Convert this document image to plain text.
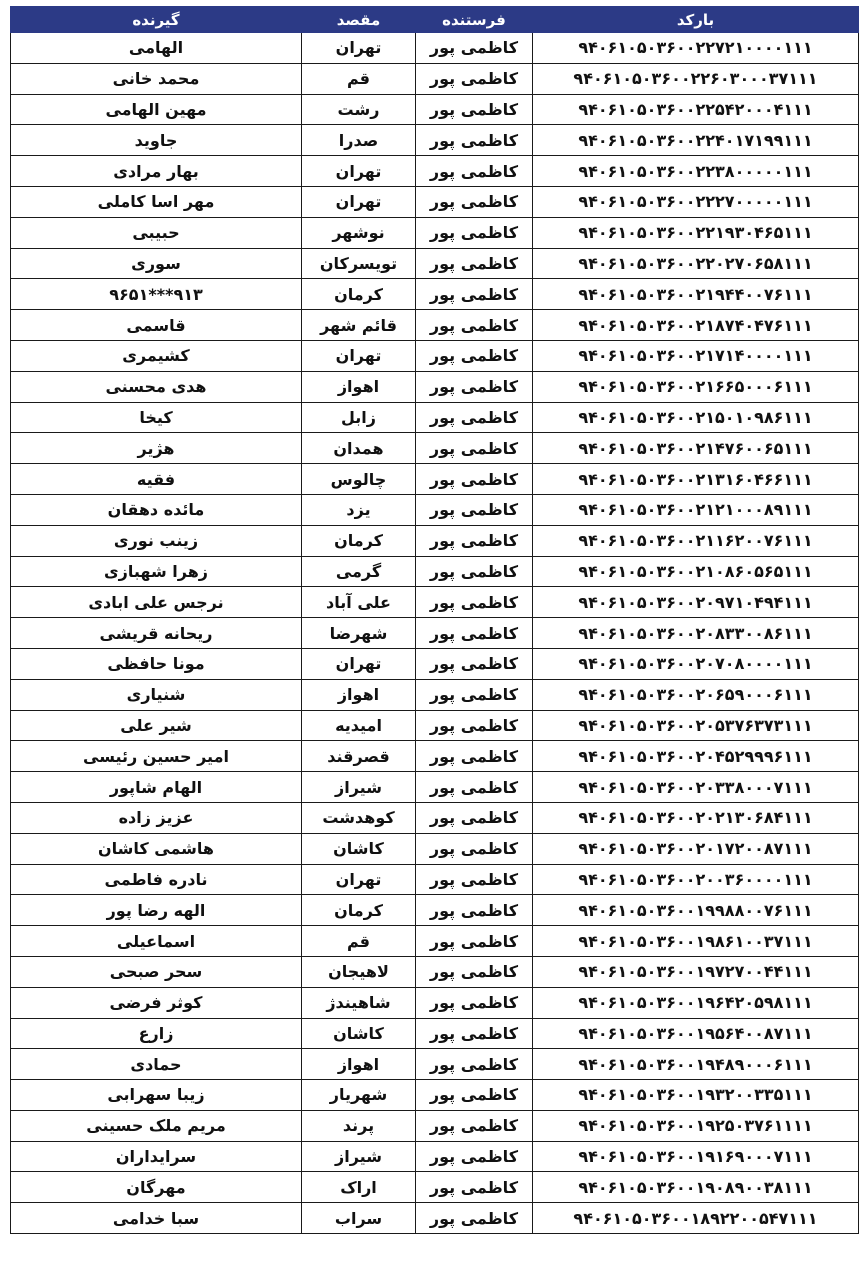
بارکد	فرستنده	مقصد	گیرنده
۹۴۰۶۱۰۵۰۳۶۰۰۲۲۷۲۱۰۰۰۰۱۱۱	کاظمی پور	تهران	الهامی
۹۴۰۶۱۰۵۰۳۶۰۰۲۲۶۰۳۰۰۰۳۷۱۱۱	کاظمی پور	قم	محمد خانی
۹۴۰۶۱۰۵۰۳۶۰۰۲۲۵۴۲۰۰۰۴۱۱۱	کاظمی پور	رشت	مهین الهامی
۹۴۰۶۱۰۵۰۳۶۰۰۲۲۴۰۱۷۱۹۹۱۱۱	کاظمی پور	صدرا	جاوید
۹۴۰۶۱۰۵۰۳۶۰۰۲۲۳۸۰۰۰۰۰۱۱۱	کاظمی پور	تهران	بهار مرادی
۹۴۰۶۱۰۵۰۳۶۰۰۲۲۲۷۰۰۰۰۰۱۱۱	کاظمی پور	تهران	مهر اسا کاملی
۹۴۰۶۱۰۵۰۳۶۰۰۲۲۱۹۳۰۴۶۵۱۱۱	کاظمی پور	نوشهر	حبیبی
۹۴۰۶۱۰۵۰۳۶۰۰۲۲۰۲۷۰۶۵۸۱۱۱	کاظمی پور	تویسرکان	سوری
۹۴۰۶۱۰۵۰۳۶۰۰۲۱۹۴۴۰۰۷۶۱۱۱	کاظمی پور	کرمان	۹۱۳***۹۶۵۱
۹۴۰۶۱۰۵۰۳۶۰۰۲۱۸۷۴۰۴۷۶۱۱۱	کاظمی پور	قائم شهر	قاسمی
۹۴۰۶۱۰۵۰۳۶۰۰۲۱۷۱۴۰۰۰۰۱۱۱	کاظمی پور	تهران	کشیمری
۹۴۰۶۱۰۵۰۳۶۰۰۲۱۶۶۵۰۰۰۶۱۱۱	کاظمی پور	اهواز	هدی محسنی
۹۴۰۶۱۰۵۰۳۶۰۰۲۱۵۰۱۰۹۸۶۱۱۱	کاظمی پور	زابل	کیخا
۹۴۰۶۱۰۵۰۳۶۰۰۲۱۴۷۶۰۰۶۵۱۱۱	کاظمی پور	همدان	هژیر
۹۴۰۶۱۰۵۰۳۶۰۰۲۱۳۱۶۰۴۶۶۱۱۱	کاظمی پور	چالوس	فقیه
۹۴۰۶۱۰۵۰۳۶۰۰۲۱۲۱۰۰۰۸۹۱۱۱	کاظمی پور	یزد	مائده دهقان
۹۴۰۶۱۰۵۰۳۶۰۰۲۱۱۶۲۰۰۷۶۱۱۱	کاظمی پور	کرمان	زینب نوری
۹۴۰۶۱۰۵۰۳۶۰۰۲۱۰۸۶۰۵۶۵۱۱۱	کاظمی پور	گرمی	زهرا شهبازی
۹۴۰۶۱۰۵۰۳۶۰۰۲۰۹۷۱۰۴۹۴۱۱۱	کاظمی پور	علی آباد	نرجس علی ابادی
۹۴۰۶۱۰۵۰۳۶۰۰۲۰۸۳۳۰۰۸۶۱۱۱	کاظمی پور	شهرضا	ریحانه قریشی
۹۴۰۶۱۰۵۰۳۶۰۰۲۰۷۰۸۰۰۰۰۱۱۱	کاظمی پور	تهران	مونا حافظی
۹۴۰۶۱۰۵۰۳۶۰۰۲۰۶۵۹۰۰۰۶۱۱۱	کاظمی پور	اهواز	شنیاری
۹۴۰۶۱۰۵۰۳۶۰۰۲۰۵۳۷۶۳۷۳۱۱۱	کاظمی پور	امیدیه	شیر علی
۹۴۰۶۱۰۵۰۳۶۰۰۲۰۴۵۲۹۹۹۶۱۱۱	کاظمی پور	قصرقند	امیر حسین رئیسی
۹۴۰۶۱۰۵۰۳۶۰۰۲۰۳۳۸۰۰۰۷۱۱۱	کاظمی پور	شیراز	الهام شاپور
۹۴۰۶۱۰۵۰۳۶۰۰۲۰۲۱۳۰۶۸۴۱۱۱	کاظمی پور	کوهدشت	عزیز زاده
۹۴۰۶۱۰۵۰۳۶۰۰۲۰۱۷۲۰۰۸۷۱۱۱	کاظمی پور	کاشان	هاشمی کاشان
۹۴۰۶۱۰۵۰۳۶۰۰۲۰۰۳۶۰۰۰۰۱۱۱	کاظمی پور	تهران	نادره فاطمی
۹۴۰۶۱۰۵۰۳۶۰۰۱۹۹۸۸۰۰۷۶۱۱۱	کاظمی پور	کرمان	الهه رضا پور
۹۴۰۶۱۰۵۰۳۶۰۰۱۹۸۶۱۰۰۳۷۱۱۱	کاظمی پور	قم	اسماعیلی
۹۴۰۶۱۰۵۰۳۶۰۰۱۹۷۲۷۰۰۴۴۱۱۱	کاظمی پور	لاهیجان	سحر صبحی
۹۴۰۶۱۰۵۰۳۶۰۰۱۹۶۴۲۰۵۹۸۱۱۱	کاظمی پور	شاهیندژ	کوثر فرضی
۹۴۰۶۱۰۵۰۳۶۰۰۱۹۵۶۴۰۰۸۷۱۱۱	کاظمی پور	کاشان	زارع
۹۴۰۶۱۰۵۰۳۶۰۰۱۹۴۸۹۰۰۰۶۱۱۱	کاظمی پور	اهواز	حمادی
۹۴۰۶۱۰۵۰۳۶۰۰۱۹۳۲۰۰۳۳۵۱۱۱	کاظمی پور	شهریار	زیبا سهرابی
۹۴۰۶۱۰۵۰۳۶۰۰۱۹۲۵۰۳۷۶۱۱۱۱	کاظمی پور	پرند	مریم ملک حسینی
۹۴۰۶۱۰۵۰۳۶۰۰۱۹۱۶۹۰۰۰۷۱۱۱	کاظمی پور	شیراز	سرایداران
۹۴۰۶۱۰۵۰۳۶۰۰۱۹۰۸۹۰۰۳۸۱۱۱	کاظمی پور	اراک	مهرگان
۹۴۰۶۱۰۵۰۳۶۰۰۱۸۹۲۲۰۰۵۴۷۱۱۱	کاظمی پور	سراب	سبا خدامی
